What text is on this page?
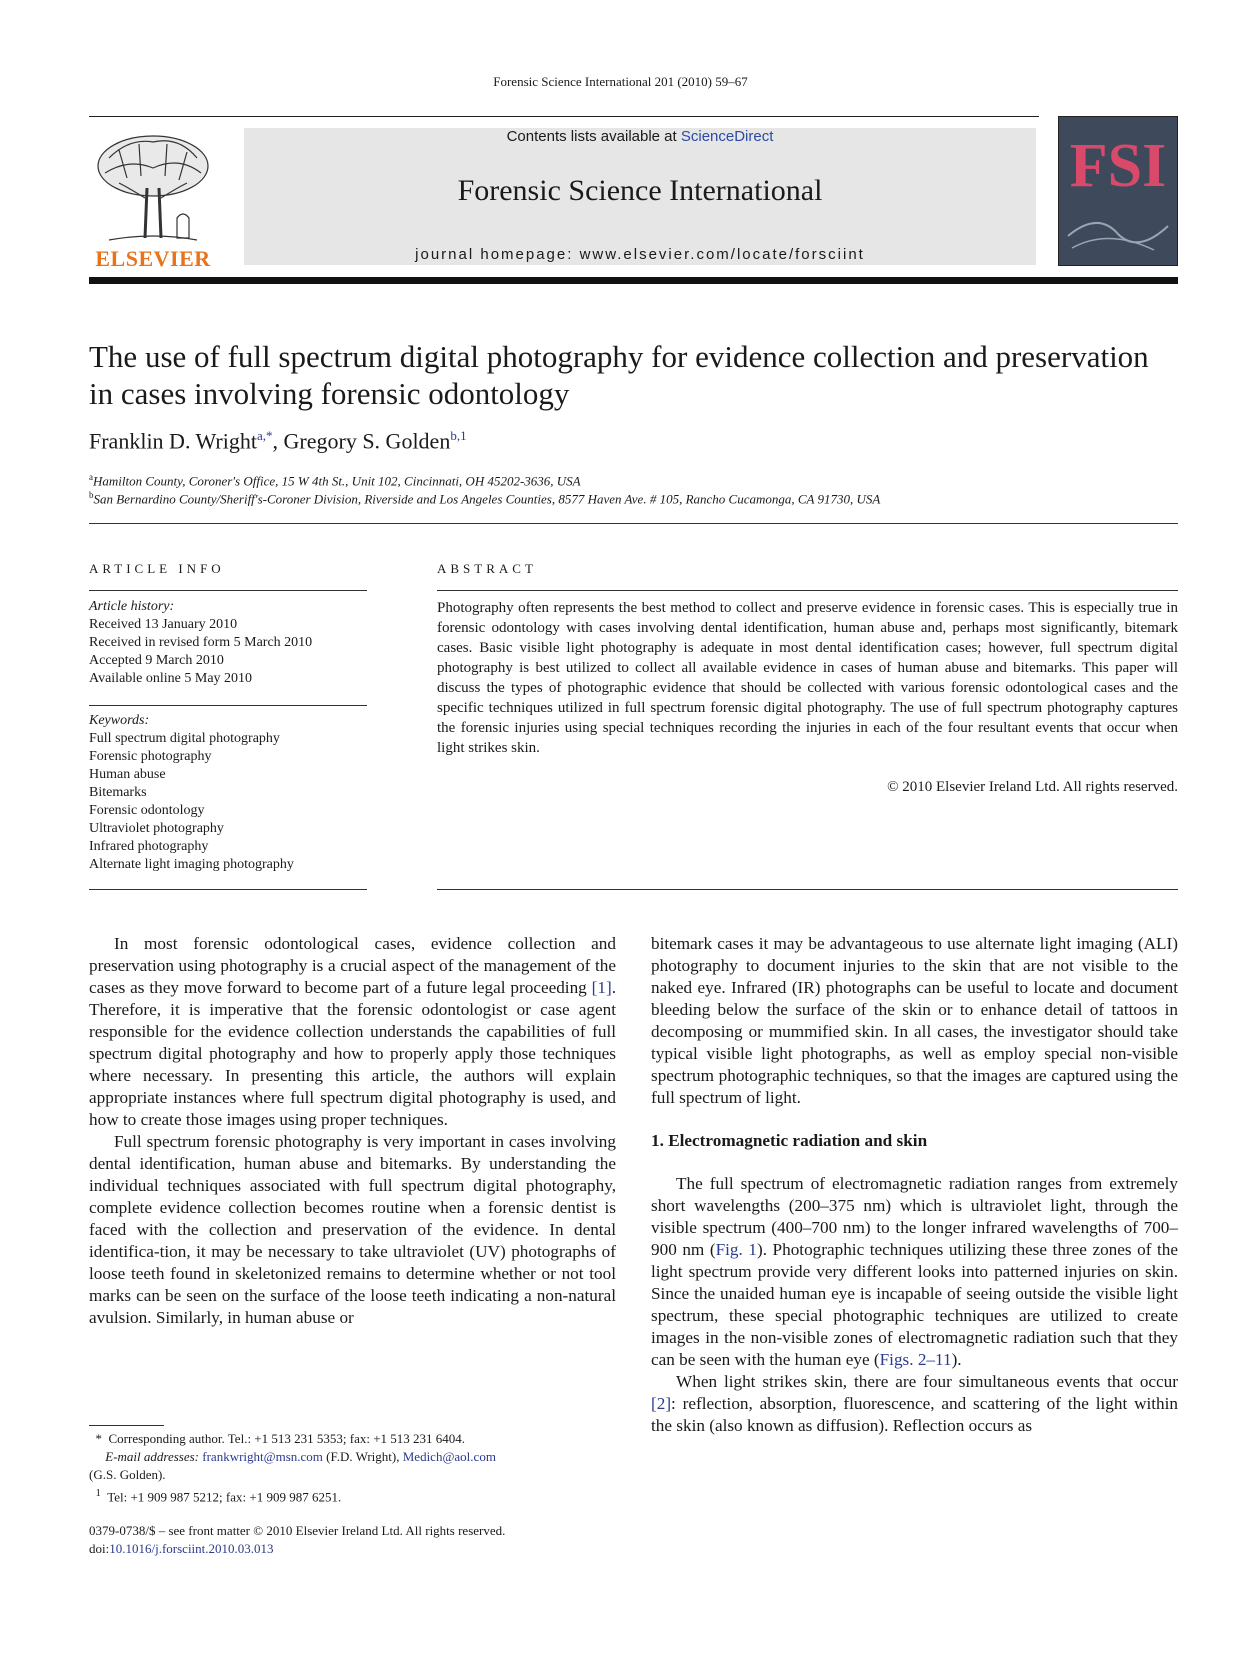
Forensic Science International 201 (2010) 59–67
ELSEVIER
Contents lists available at ScienceDirect
Forensic Science International
journal homepage: www.elsevier.com/locate/forsciint
FSI
The use of full spectrum digital photography for evidence collection and preservation in cases involving forensic odontology
Franklin D. Wright$^{a,*}$, Gregory S. Golden$^{b,1}$
$^a$Hamilton County, Coroner's Office, 15 W 4th St., Unit 102, Cincinnati, OH 45202-3636, USA
$^b$San Bernardino County/Sheriff's-Coroner Division, Riverside and Los Angeles Counties, 8577 Haven Ave. # 105, Rancho Cucamonga, CA 91730, USA
ARTICLE INFO	ABSTRACT
Article history:
Received 13 January 2010
Received in revised form 5 March 2010
Accepted 9 March 2010
Available online 5 May 2010
Keywords:
Full spectrum digital photography
Forensic photography
Human abuse
Bitemarks
Forensic odontology
Ultraviolet photography
Infrared photography
Alternate light imaging photography
Photography often represents the best method to collect and preserve evidence in forensic cases. This is especially true in forensic odontology with cases involving dental identification, human abuse and, perhaps most significantly, bitemark cases. Basic visible light photography is adequate in most dental identification cases; however, full spectrum digital photography is best utilized to collect all available evidence in cases of human abuse and bitemarks. This paper will discuss the types of photographic evidence that should be collected with various forensic odontological cases and the specific techniques utilized in full spectrum forensic digital photography. The use of full spectrum photography captures the forensic injuries using special techniques recording the injuries in each of the four resultant events that occur when light strikes skin.
© 2010 Elsevier Ireland Ltd. All rights reserved.

In most forensic odontological cases, evidence collection and preservation using photography is a crucial aspect of the management of the cases as they move forward to become part of a future legal proceeding [1]. Therefore, it is imperative that the forensic odontologist or case agent responsible for the evidence collection understands the capabilities of full spectrum digital photography and how to properly apply those techniques where necessary. In presenting this article, the authors will explain appropriate instances where full spectrum digital photography is used, and how to create those images using proper techniques.

Full spectrum forensic photography is very important in cases involving dental identification, human abuse and bitemarks. By understanding the individual techniques associated with full spectrum digital photography, complete evidence collection becomes routine when a forensic dentist is faced with the collection and preservation of the evidence. In dental identifica-tion, it may be necessary to take ultraviolet (UV) photographs of loose teeth found in skeletonized remains to determine whether or not tool marks can be seen on the surface of the loose teeth indicating a non-natural avulsion. Similarly, in human abuse or

bitemark cases it may be advantageous to use alternate light imaging (ALI) photography to document injuries to the skin that are not visible to the naked eye. Infrared (IR) photographs can be useful to locate and document bleeding below the surface of the skin or to enhance detail of tattoos in decomposing or mummified skin. In all cases, the investigator should take typical visible light photographs, as well as employ special non-visible spectrum photographic techniques, so that the images are captured using the full spectrum of light.

1. Electromagnetic radiation and skin

The full spectrum of electromagnetic radiation ranges from extremely short wavelengths (200–375 nm) which is ultraviolet light, through the visible spectrum (400–700 nm) to the longer infrared wavelengths of 700–900 nm (Fig. 1). Photographic techniques utilizing these three zones of the light spectrum provide very different looks into patterned injuries on skin. Since the unaided human eye is incapable of seeing outside the visible light spectrum, these special photographic techniques are utilized to create images in the non-visible zones of electromagnetic radiation such that they can be seen with the human eye (Figs. 2–11).

When light strikes skin, there are four simultaneous events that occur [2]: reflection, absorption, fluorescence, and scattering of the light within the skin (also known as diffusion). Reflection occurs as

* Corresponding author. Tel.: +1 513 231 5353; fax: +1 513 231 6404.
E-mail addresses: frankwright@msn.com (F.D. Wright), Medich@aol.com
(G.S. Golden).
$^1$ Tel: +1 909 987 5212; fax: +1 909 987 6251.
0379-0738/$ – see front matter © 2010 Elsevier Ireland Ltd. All rights reserved.
doi:10.1016/j.forsciint.2010.03.013
